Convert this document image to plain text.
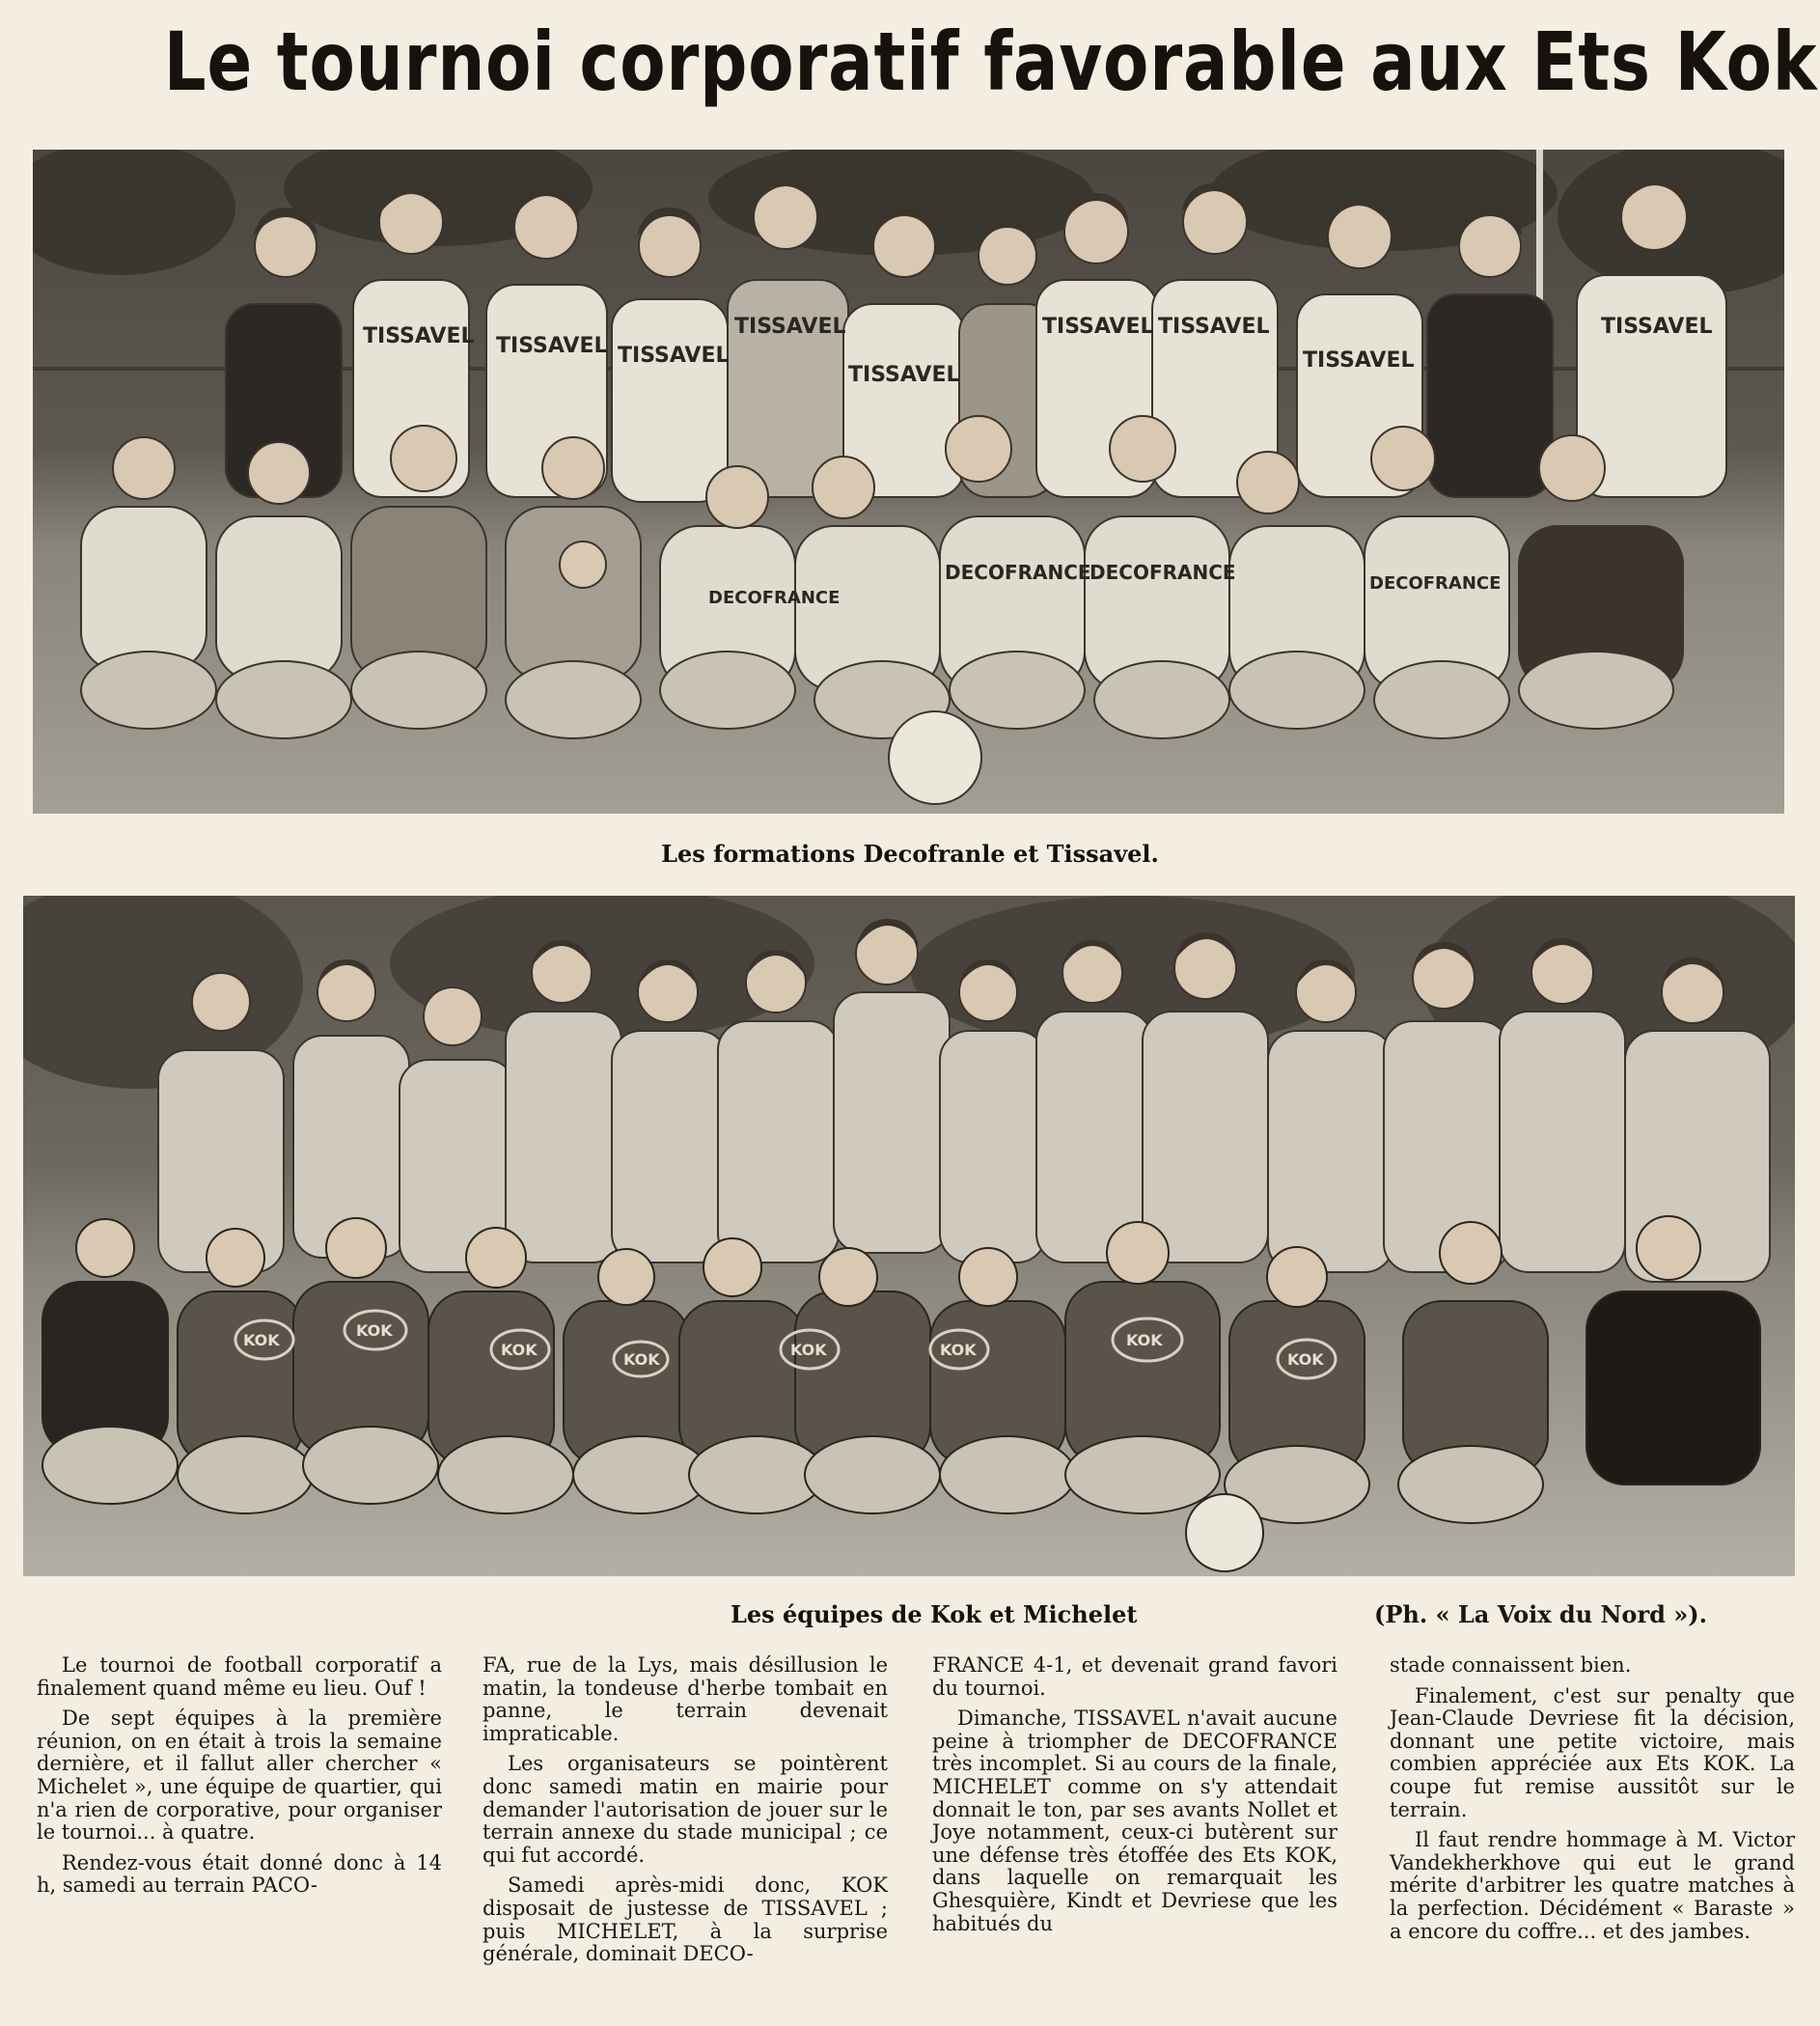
Le tournoi corporatif favorable aux Ets Kok
TISSAVEL TISSAVEL TISSAVEL
TISSAVEL
TISSAVEL
TISSAVEL TISSAVEL
TISSAVEL
TISSAVEL
DECOFRANCE
DECOFRANCE
DECOFRANCE	DECOFRANCE
Les formations Decofranle et Tissavel.
KOK
KOK
KOK
KOK
KOK	KOK
KOK
KOK
Les équipes de Kok et Michelet	(Ph. « La Voix du Nord »).

Le tournoi de football corporatif a finalement quand même eu lieu. Ouf !

De sept équipes à la première réunion, on en était à trois la semaine dernière, et il fallut aller chercher « Michelet », une équipe de quartier, qui n'a rien de corporative, pour organiser le tournoi... à quatre.

Rendez-vous était donné donc à 14 h, samedi au terrain PACO-

FA, rue de la Lys, mais désillusion le matin, la tondeuse d'herbe tombait en panne, le terrain devenait impraticable.

Les organisateurs se pointèrent donc samedi matin en mairie pour demander l'autorisation de jouer sur le terrain annexe du stade municipal ; ce qui fut accordé.

Samedi après-midi donc, KOK disposait de justesse de TISSAVEL ; puis MICHELET, à la surprise générale, dominait DECO-

FRANCE 4-1, et devenait grand favori du tournoi.

Dimanche, TISSAVEL n'avait aucune peine à triompher de DECOFRANCE très incomplet. Si au cours de la finale, MICHELET comme on s'y attendait donnait le ton, par ses avants Nollet et Joye notamment, ceux-ci butèrent sur une défense très étoffée des Ets KOK, dans laquelle on remarquait les Ghesquière, Kindt et Devriese que les habitués du

stade connaissent bien.

Finalement, c'est sur penalty que Jean-Claude Devriese fit la décision, donnant une petite victoire, mais combien appréciée aux Ets KOK. La coupe fut remise aussitôt sur le terrain.

Il faut rendre hommage à M. Victor Vandekherkhove qui eut le grand mérite d'arbitrer les quatre matches à la perfection. Décidément « Baraste » a encore du coffre... et des jambes.
